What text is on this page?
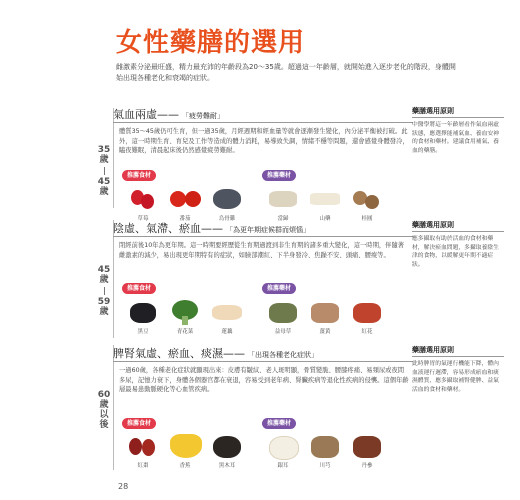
女性藥膳的選用
雌激素分泌最旺盛，精力最充沛的年齡段為20～35歲。超過這一年齡層，就開始進入逐步老化的階段，身體開始出現各種老化和衰竭的症狀。
35
歲
45
歲
45
歲
59
歲
60
歲
以
後
氣血兩虛—— 「疲勞難耐」
體質35～45歲仍可生育，但一過35歲，月經週期和經血量等就會逐漸發生變化，內分泌平衡被打破。此外，這一時期生育、育兒及工作等造成的體力消耗，易導致失調，情緒不穩等問題，還會感覺身體發冷，瞌夜難眠，清晨起床後仍然感覺疲勞難耐。
推薦食材	推薦藥材
草莓	番茄	烏骨雞	當歸	山藥	桂圓
藥膳選用原則
中醫學將這一年齡層看作氣血兩虛狀態，應選擇能補氣血、養血安神的食材和藥材。建議食用補氣、養血的藥膳。
陰虛、氣滯、瘀血—— 「為更年期症候群而煩惱」
閉經前後10年為更年期。這一時期要經歷從生育期過渡到非生育期的諸多重大變化，這一時期，伴隨著雌激素的減少，易出現更年期特有的症狀，如臉部潮紅、下半身發冷、焦躁不安、頭痛、腰痠等。
推薦食材	推薦藥材
黑豆	青花菜	蓮藕	益母草	薑黃	紅花
藥膳選用原則
應多攝取有助於活血的食材和藥材，解決瘀血問題，多攝取養陰生津的食物，以緩解更年期不適症狀。
脾腎氣虛、瘀血、痰濕—— 「出現各種老化症狀」
一過60歲，各種老化症狀就顯現出來：皮膚有皺紋、老人斑明顯，骨質變脆、腰膝疼痛、易頻尿或夜間多尿，記憶力衰下，身體各個器官都在衰退，容易受到老年病、腎臟疾病等退化性疾病的侵襲。這個年齡層最易患動脈硬化等心血管疾病。
推薦食材	推薦藥材
紅棗	香蕉	黑木耳	銀耳	川芎	丹參
藥膳選用原則
此時脾胃的氣運行機能下降，體內血液運行遲滯，容易形成瘀血和痰濕體質，應多攝取補腎健脾、益氣活血的食材和藥材。
28
